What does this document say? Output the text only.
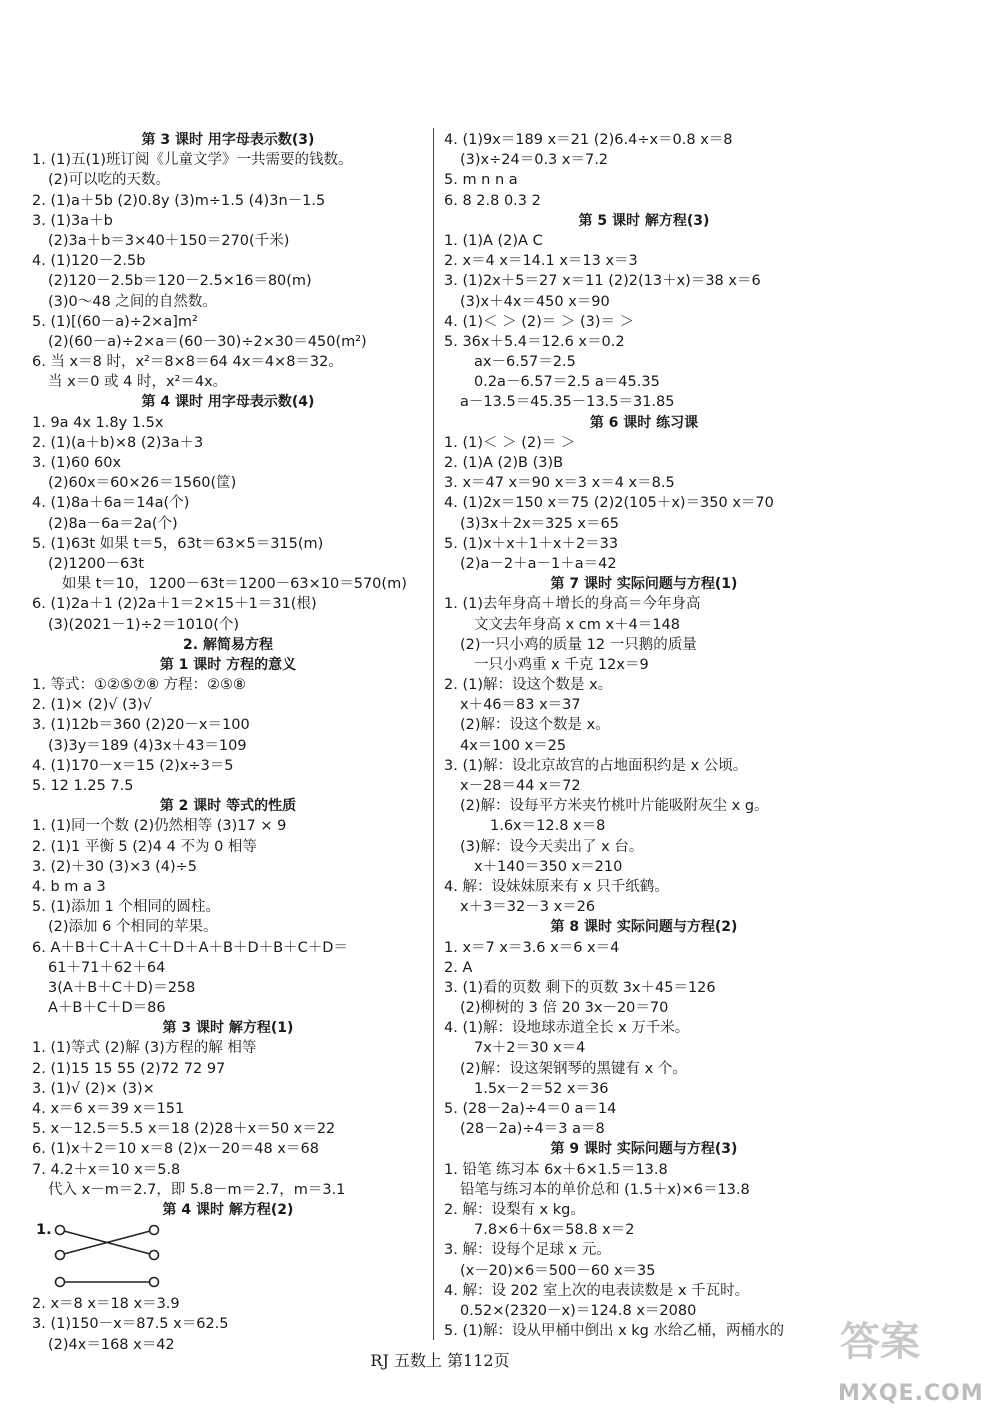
第 3 课时 用字母表示数(3)
1. (1)五(1)班订阅《儿童文学》一共需要的钱数。
(2)可以吃的天数。
2. (1)a＋5b (2)0.8y (3)m÷1.5 (4)3n－1.5
3. (1)3a＋b
(2)3a＋b＝3×40＋150＝270(千米)
4. (1)120－2.5b
(2)120－2.5b＝120－2.5×16＝80(m)
(3)0～48 之间的自然数。
5. (1)[(60－a)÷2×a]m²
(2)(60－a)÷2×a＝(60－30)÷2×30＝450(m²)
6. 当 x＝8 时，x²＝8×8＝64 4x＝4×8＝32。
当 x＝0 或 4 时，x²＝4x。
第 4 课时 用字母表示数(4)
1. 9a 4x 1.8y 1.5x
2. (1)(a＋b)×8 (2)3a＋3
3. (1)60 60x
(2)60x＝60×26＝1560(筐)
4. (1)8a＋6a＝14a(个)
(2)8a－6a＝2a(个)
5. (1)63t 如果 t＝5，63t＝63×5＝315(m)
(2)1200－63t
如果 t＝10，1200－63t＝1200－63×10＝570(m)
6. (1)2a＋1 (2)2a＋1＝2×15＋1＝31(根)
(3)(2021－1)÷2＝1010(个)
2. 解简易方程
第 1 课时 方程的意义
1. 等式：①②⑤⑦⑧ 方程：②⑤⑧
2. (1)× (2)√ (3)√
3. (1)12b＝360 (2)20－x＝100
(3)3y＝189 (4)3x＋43＝109
4. (1)170－x＝15 (2)x÷3＝5
5. 12 1.25 7.5
第 2 课时 等式的性质
1. (1)同一个数 (2)仍然相等 (3)17 × 9
2. (1)1 平衡 5 (2)4 4 不为 0 相等
3. (2)＋30 (3)×3 (4)÷5
4. b m a 3
5. (1)添加 1 个相同的圆柱。
(2)添加 6 个相同的苹果。
6. A＋B＋C＋A＋C＋D＋A＋B＋D＋B＋C＋D＝
61＋71＋62＋64
3(A＋B＋C＋D)＝258
A＋B＋C＋D＝86
第 3 课时 解方程(1)
1. (1)等式 (2)解 (3)方程的解 相等
2. (1)15 15 55 (2)72 72 97
3. (1)√ (2)× (3)×
4. x＝6 x＝39 x＝151
5. x－12.5＝5.5 x＝18 (2)28＋x＝50 x＝22
6. (1)x＋2＝10 x＝8 (2)x－20＝48 x＝68
7. 4.2＋x＝10 x＝5.8
代入 x－m＝2.7，即 5.8－m＝2.7，m＝3.1
第 4 课时 解方程(2)
1.
2. x＝8 x＝18 x＝3.9
3. (1)150－x＝87.5 x＝62.5
(2)4x＝168 x＝42
4. (1)9x＝189 x＝21 (2)6.4÷x＝0.8 x＝8
(3)x÷24＝0.3 x＝7.2
5. m n n a
6. 8 2.8 0.3 2
第 5 课时 解方程(3)
1. (1)A (2)A C
2. x＝4 x＝14.1 x＝13 x＝3
3. (1)2x＋5＝27 x＝11 (2)2(13＋x)＝38 x＝6
(3)x＋4x＝450 x＝90
4. (1)＜ ＞ (2)＝ ＞ (3)＝ ＞
5. 36x＋5.4＝12.6 x＝0.2
ax－6.57＝2.5
0.2a－6.57＝2.5 a＝45.35
a－13.5＝45.35－13.5＝31.85
第 6 课时 练习课
1. (1)＜ ＞ (2)＝ ＞
2. (1)A (2)B (3)B
3. x＝47 x＝90 x＝3 x＝4 x＝8.5
4. (1)2x＝150 x＝75 (2)2(105＋x)＝350 x＝70
(3)3x＋2x＝325 x＝65
5. (1)x＋x＋1＋x＋2＝33
(2)a－2＋a－1＋a＝42
第 7 课时 实际问题与方程(1)
1. (1)去年身高＋增长的身高＝今年身高
文文去年身高 x cm x＋4＝148
(2)一只小鸡的质量 12 一只鹅的质量
一只小鸡重 x 千克 12x＝9
2. (1)解：设这个数是 x。
x＋46＝83 x＝37
(2)解：设这个数是 x。
4x＝100 x＝25
3. (1)解：设北京故宫的占地面积约是 x 公顷。
x－28＝44 x＝72
(2)解：设每平方米夹竹桃叶片能吸附灰尘 x g。
1.6x＝12.8 x＝8
(3)解：设今天卖出了 x 台。
x＋140＝350 x＝210
4. 解：设妹妹原来有 x 只千纸鹤。
x＋3＝32－3 x＝26
第 8 课时 实际问题与方程(2)
1. x＝7 x＝3.6 x＝6 x＝4
2. A
3. (1)看的页数 剩下的页数 3x＋45＝126
(2)柳树的 3 倍 20 3x－20＝70
4. (1)解：设地球赤道全长 x 万千米。
7x＋2＝30 x＝4
(2)解：设这架钢琴的黑键有 x 个。
1.5x－2＝52 x＝36
5. (28－2a)÷4＝0 a＝14
(28－2a)÷4＝3 a＝8
第 9 课时 实际问题与方程(3)
1. 铅笔 练习本 6x＋6×1.5＝13.8
铅笔与练习本的单价总和 (1.5＋x)×6＝13.8
2. 解：设梨有 x kg。
7.8×6＋6x＝58.8 x＝2
3. 解：设每个足球 x 元。
(x－20)×6＝500－60 x＝35
4. 解：设 202 室上次的电表读数是 x 千瓦时。
0.52×(2320－x)＝124.8 x＝2080
5. (1)解：设从甲桶中倒出 x kg 水给乙桶，两桶水的
RJ 五数上 第112页	答案
MXQE.COM
